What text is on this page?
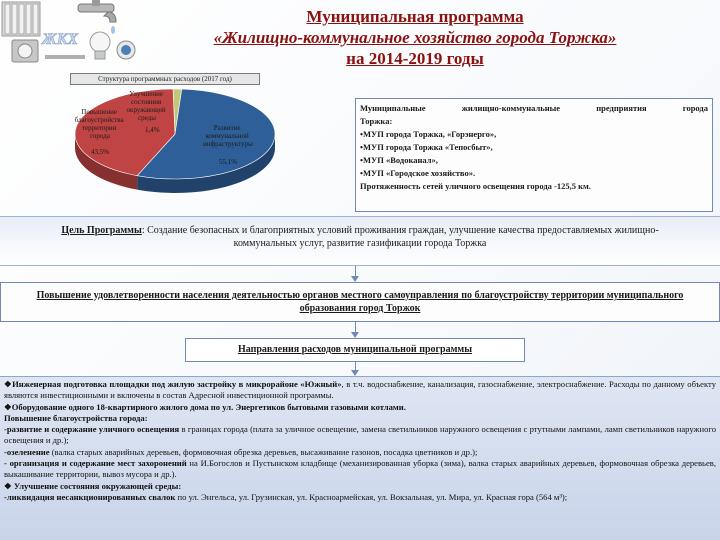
ЖКХ
Муниципальная программа
«Жилищно-коммунальное хозяйство города Торжка»
на 2014-2019 годы
Структура программных расходов (2017 год)
Улучшение состояния окружающей среды
1,4%	Развитие коммунальной инфраструктуры
55,1%
Повышение благоустройства территории города
43,5%
Муниципальные	жилищно-коммунальные	предприятия	города
Торжка:
•МУП города Торжка, «Горэнерго»,
•МУП города Торжка «Тепосбыт»,
•МУП «Водоканал»,
•МУП «Городское хозяйство».
Протяженность сетей уличного освещения города -125,5 км.
Цель Программы: Создание безопасных и благоприятных условий проживания граждан, улучшение качества предоставляемых жилищно-коммунальных услуг, развитие газификации города Торжка
Повышение удовлетворенности населения деятельностью органов местного самоуправления по благоустройству территории муниципального образования город Торжок
Направления расходов муниципальной программы

❖Инженерная подготовка площадки под жилую застройку в микрорайоне «Южный», в т.ч. водоснабжение, канализация, газоснабжение, электроснабжение. Расходы по данному объекту являются инвестиционными и включены в состав Адресной инвестиционной программы.

❖Оборудование одного 18-квартирного жилого дома по ул. Энергетиков бытовыми газовыми котлами.

Повышение благоустройства города:

-развитие и содержание уличного освещения в границах города (плата за уличное освещение, замена светильников наружного освещения с ртутными лампами, ламп светильников наружного освещения и др.);

-озеленение (валка старых аварийных деревьев, формовочная обрезка деревьев, высаживание газонов, посадка цветников и др.);

- организация и содержание мест захоронений на И.Богослов и Пустынском кладбище (механизированная уборка (зима), валка старых аварийных деревьев, формовочная обрезка деревьев, выкашивание территории, вывоз мусора и др.).

❖ Улучшение состояния окружающей среды:

-ликвидация несанкционированных свалок по ул. Энгельса, ул. Грузинская, ул. Красноармейская, ул. Вокзальная, ул. Мира, ул. Красная гора (564 м³);
